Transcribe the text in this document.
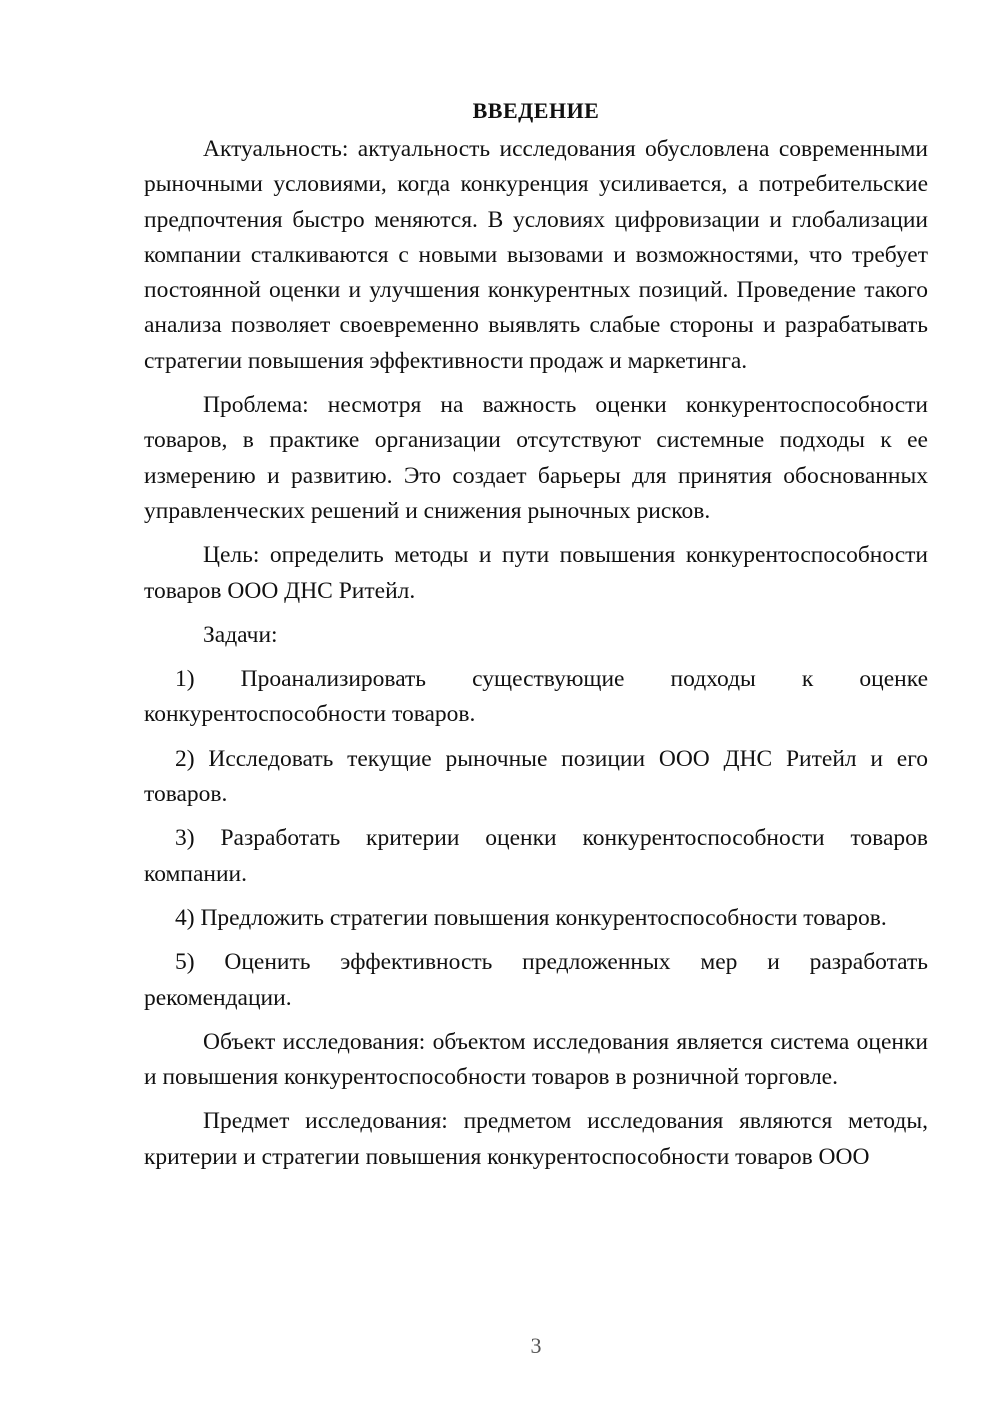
ВВЕДЕНИЕ

Актуальность: актуальность исследования обусловлена современными рыночными условиями, когда конкуренция усиливается, а потребительские предпочтения быстро меняются. В условиях цифровизации и глобализации компании сталкиваются с новыми вызовами и возможностями, что требует постоянной оценки и улучшения конкурентных позиций. Проведение такого анализа позволяет своевременно выявлять слабые стороны и разрабатывать стратегии повышения эффективности продаж и маркетинга.

Проблема: несмотря на важность оценки конкурентоспособности товаров, в практике организации отсутствуют системные подходы к ее измерению и развитию. Это создает барьеры для принятия обоснованных управленческих решений и снижения рыночных рисков.

Цель: определить методы и пути повышения конкурентоспособности товаров ООО ДНС Ритейл.

Задачи:

1) Проанализировать существующие подходы к оценке конкурентоспособности товаров.

2) Исследовать текущие рыночные позиции ООО ДНС Ритейл и его товаров.

3) Разработать критерии оценки конкурентоспособности товаров компании.

4) Предложить стратегии повышения конкурентоспособности товаров.

5) Оценить эффективность предложенных мер и разработать рекомендации.

Объект исследования: объектом исследования является система оценки и повышения конкурентоспособности товаров в розничной торговле.

Предмет исследования: предметом исследования являются методы, критерии и стратегии повышения конкурентоспособности товаров ООО

3
